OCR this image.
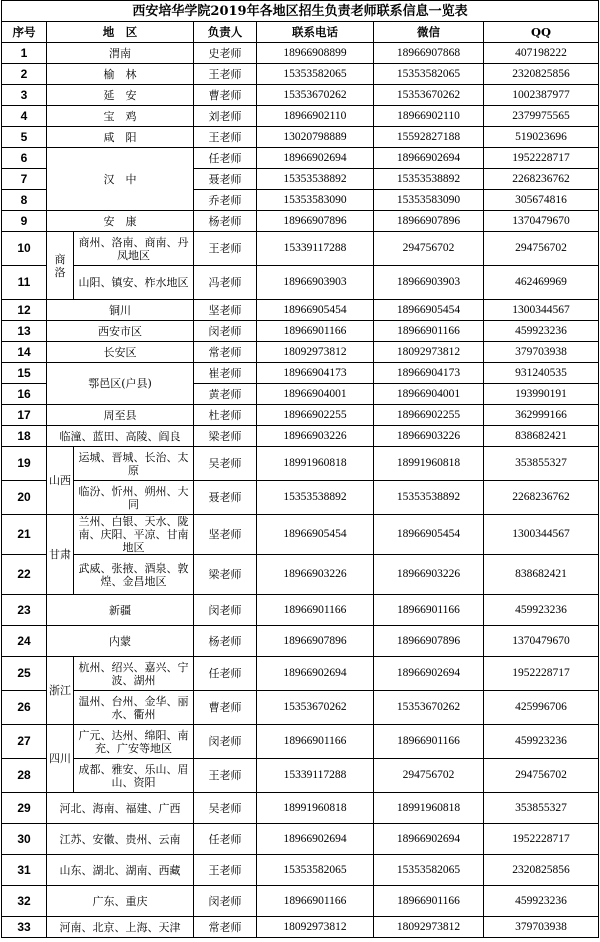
西安培华学院2019年各地区招生负责老师联系信息一览表						
序号	地　区		负责人	联系电话	微信	QQ
1	渭南		史老师	18966908899	18966907868	407198222
2	榆　林		王老师	15353582065	15353582065	2320825856
3	延　安		曹老师	15353670262	15353670262	1002387977
4	宝　鸡		刘老师	18966902110	18966902110	2379975565
5	咸　阳		王老师	13020798889	15592827188	519023696
6	汉　中		任老师	18966902694	18966902694	1952228717
7			聂老师	15353538892	15353538892	2268236762
8			乔老师	15353583090	15353583090	305674816
9	安　康		杨老师	18966907896	18966907896	1370479670
10	商　洛	商州、洛南、商南、丹凤地区	王老师	15339117288	294756702	294756702
11		山阳、镇安、柞水地区	冯老师	18966903903	18966903903	462469969
12	铜川		坚老师	18966905454	18966905454	1300344567
13	西安市区		闵老师	18966901166	18966901166	459923236
14	长安区		常老师	18092973812	18092973812	379703938
15	鄠邑区(户县)		崔老师	18966904173	18966904173	931240535
16			黄老师	18966904001	18966904001	193990191
17	周至县		杜老师	18966902255	18966902255	362999166
18	临潼、蓝田、高陵、阎良		梁老师	18966903226	18966903226	838682421
19	山西	运城、晋城、长治、太原	吴老师	18991960818	18991960818	353855327
20		临汾、忻州、朔州、大同	聂老师	15353538892	15353538892	2268236762
21	甘肃	兰州、白银、天水、陇南、庆阳、平凉、甘南地区	坚老师	18966905454	18966905454	1300344567
22		武威、张掖、酒泉、敦煌、金昌地区	梁老师	18966903226	18966903226	838682421
23	新疆		闵老师	18966901166	18966901166	459923236
24	内蒙		杨老师	18966907896	18966907896	1370479670
25	浙江	杭州、绍兴、嘉兴、宁波、湖州	任老师	18966902694	18966902694	1952228717
26		温州、台州、金华、丽水、衢州	曹老师	15353670262	15353670262	425996706
27	四川	广元、达州、绵阳、南充、广安等地区	闵老师	18966901166	18966901166	459923236
28		成都、雅安、乐山、眉山、资阳	王老师	15339117288	294756702	294756702
29	河北、海南、福建、广西		吴老师	18991960818	18991960818	353855327
30	江苏、安徽、贵州、云南		任老师	18966902694	18966902694	1952228717
31	山东、湖北、湖南、西藏		王老师	15353582065	15353582065	2320825856
32	广东、重庆		闵老师	18966901166	18966901166	459923236
33	河南、北京、上海、天津		常老师	18092973812	18092973812	379703938
